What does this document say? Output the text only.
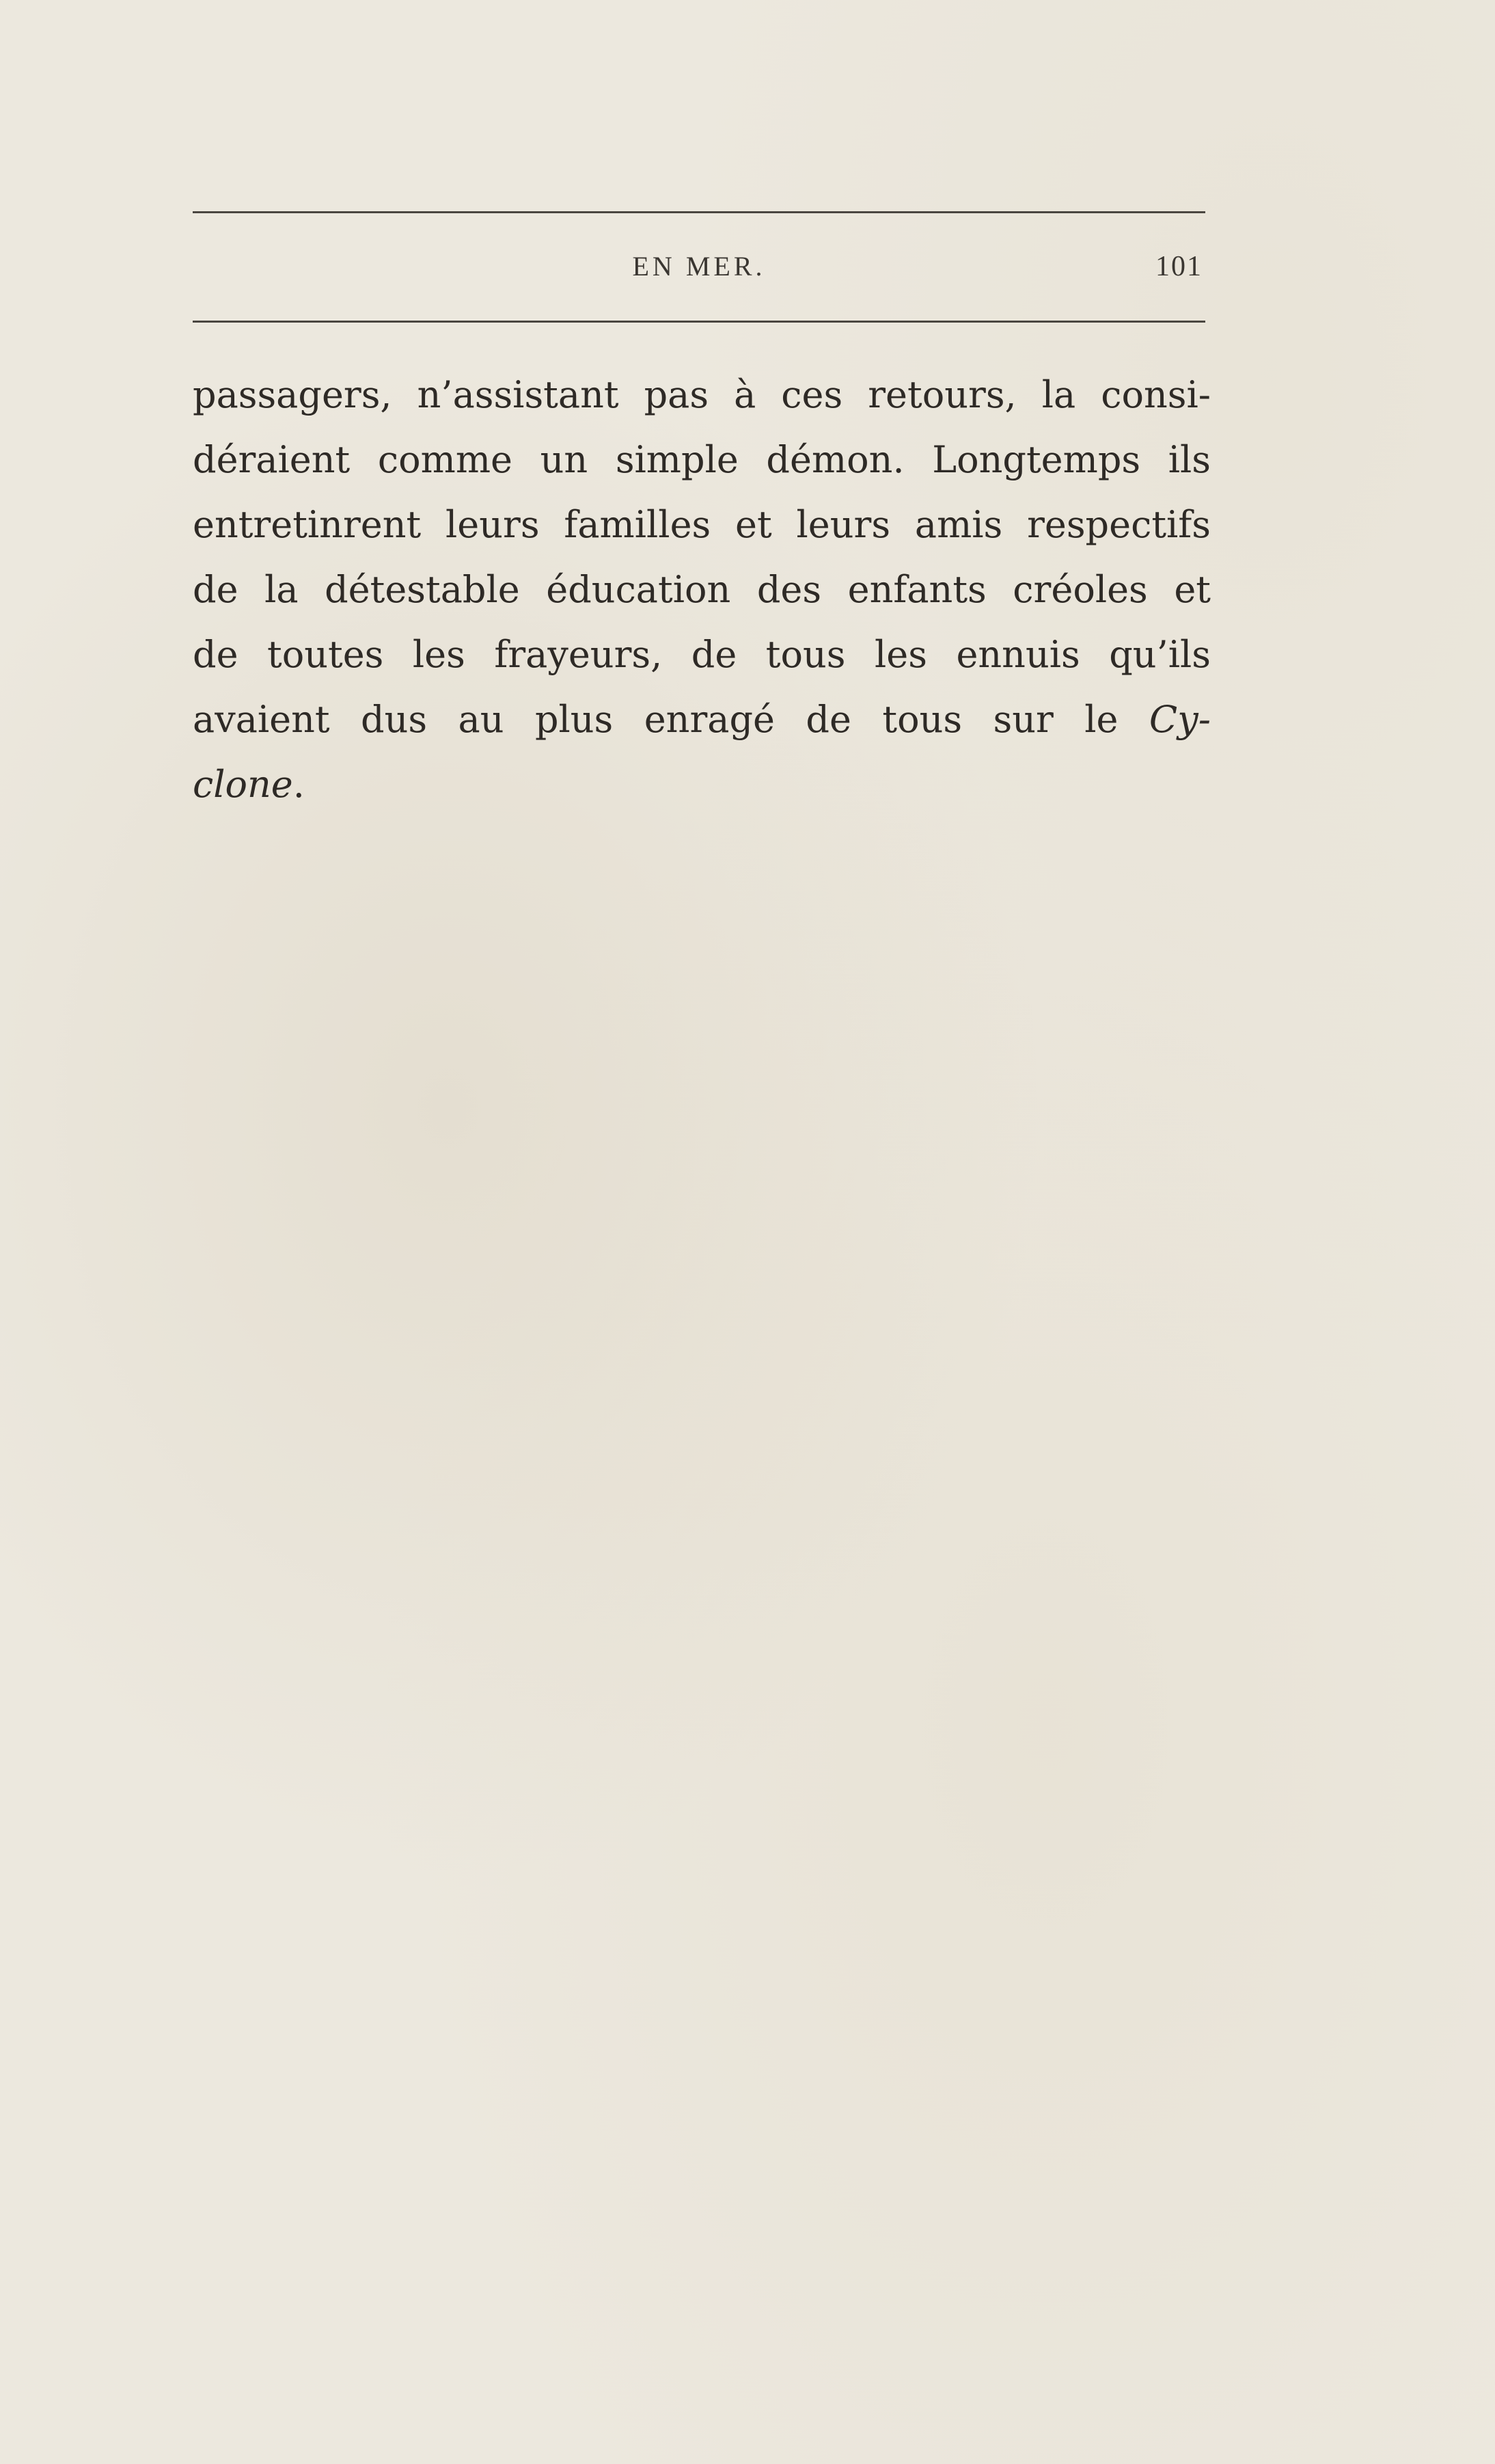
EN MER.	101
passagers, n’assistant pas à ces retours, la consi-
déraient comme un simple démon. Longtemps ils
entretinrent leurs familles et leurs amis respectifs
de la détestable éducation des enfants créoles et
de toutes les frayeurs, de tous les ennuis qu’ils
avaient dus au plus enragé de tous sur le Cy-
clone.
